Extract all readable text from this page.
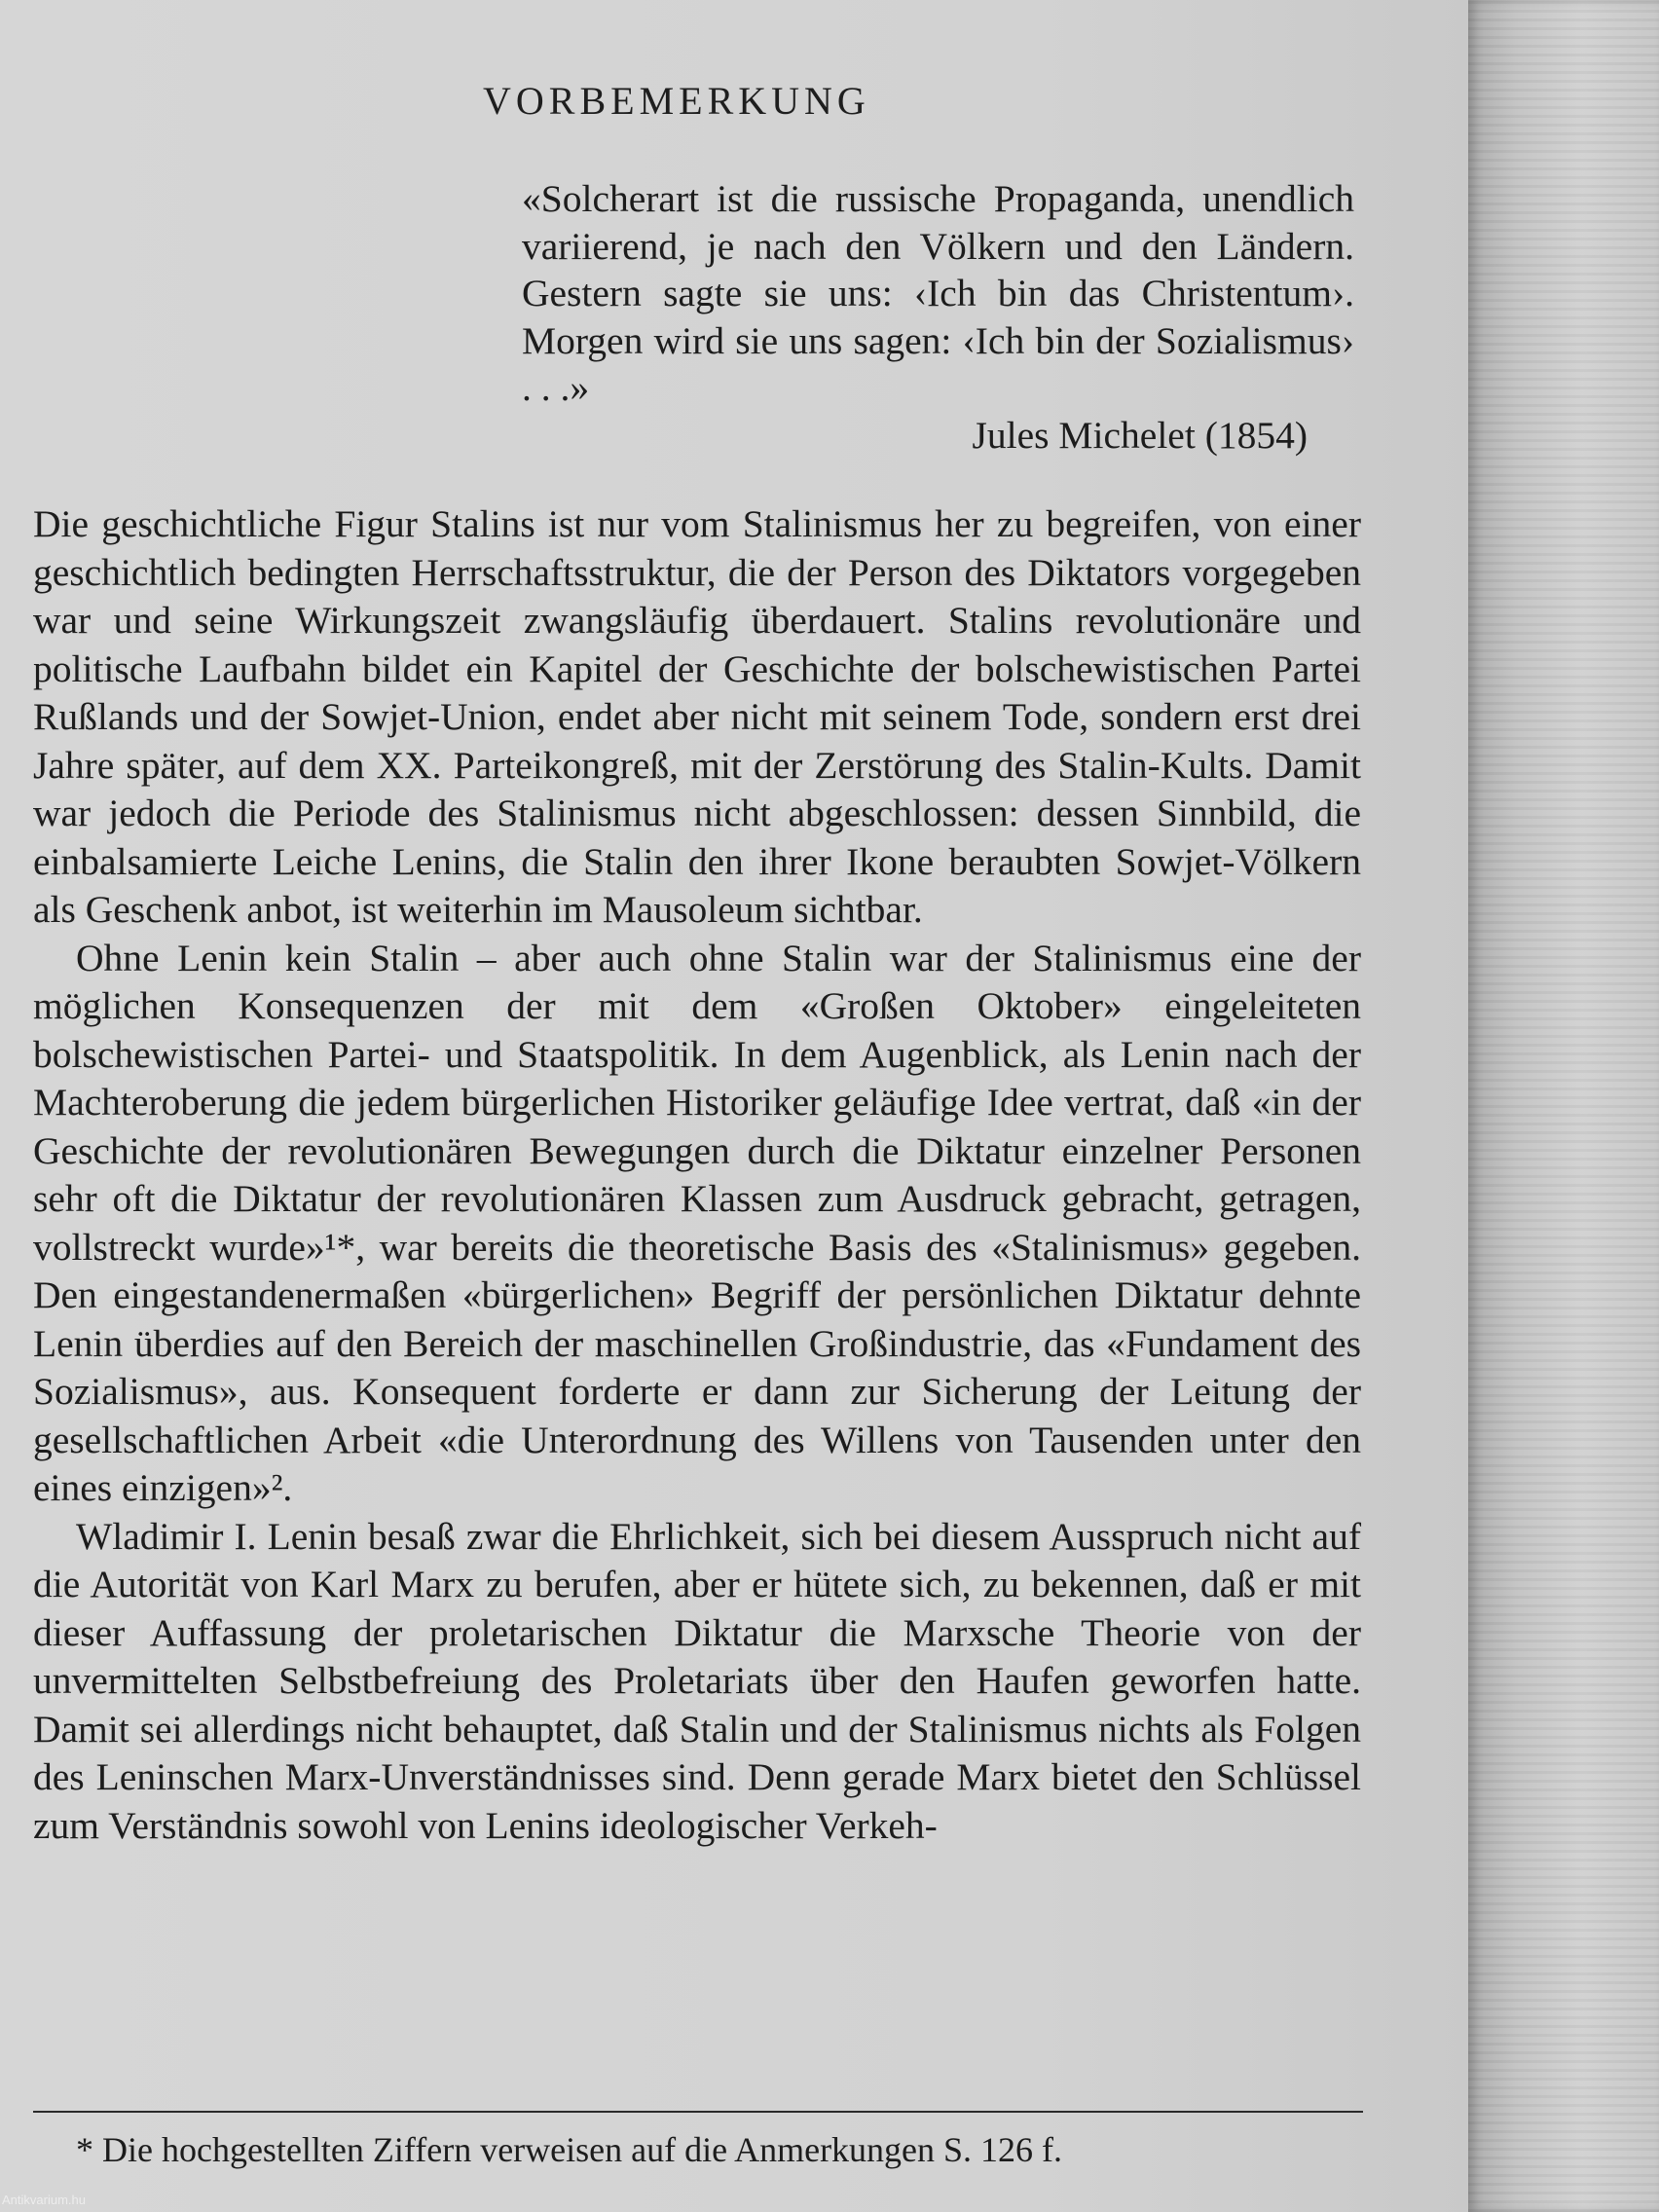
VORBEMERKUNG

«Solcherart ist die russische Propaganda, unendlich variierend, je nach den Völkern und den Ländern. Gestern sagte sie uns: ‹Ich bin das Christentum›. Morgen wird sie uns sagen: ‹Ich bin der Sozialismus› . . .»

Jules Michelet (1854)

Die geschichtliche Figur Stalins ist nur vom Stalinismus her zu begreifen, von einer geschichtlich bedingten Herrschaftsstruktur, die der Person des Diktators vorgegeben war und seine Wirkungszeit zwangsläufig überdauert. Stalins revolutionäre und politische Laufbahn bildet ein Kapitel der Geschichte der bolschewistischen Partei Rußlands und der Sowjet-Union, endet aber nicht mit seinem Tode, sondern erst drei Jahre später, auf dem XX. Parteikongreß, mit der Zerstörung des Stalin-Kults. Damit war jedoch die Periode des Stalinismus nicht abgeschlossen: dessen Sinnbild, die einbalsamierte Leiche Lenins, die Stalin den ihrer Ikone beraubten Sowjet-Völkern als Geschenk anbot, ist weiterhin im Mausoleum sichtbar.

Ohne Lenin kein Stalin – aber auch ohne Stalin war der Stalinismus eine der möglichen Konsequenzen der mit dem «Großen Oktober» eingeleiteten bolschewistischen Partei- und Staatspolitik. In dem Augenblick, als Lenin nach der Machteroberung die jedem bürgerlichen Historiker geläufige Idee vertrat, daß «in der Geschichte der revolutionären Bewegungen durch die Diktatur einzelner Personen sehr oft die Diktatur der revolutionären Klassen zum Ausdruck gebracht, getragen, vollstreckt wurde»¹*, war bereits die theoretische Basis des «Stalinismus» gegeben. Den eingestandenermaßen «bürgerlichen» Begriff der persönlichen Diktatur dehnte Lenin überdies auf den Bereich der maschinellen Großindustrie, das «Fundament des Sozialismus», aus. Konsequent forderte er dann zur Sicherung der Leitung der gesellschaftlichen Arbeit «die Unterordnung des Willens von Tausenden unter den eines einzigen»².

Wladimir I. Lenin besaß zwar die Ehrlichkeit, sich bei diesem Ausspruch nicht auf die Autorität von Karl Marx zu berufen, aber er hütete sich, zu bekennen, daß er mit dieser Auffassung der proletarischen Diktatur die Marxsche Theorie von der unvermittelten Selbstbefreiung des Proletariats über den Haufen geworfen hatte. Damit sei allerdings nicht behauptet, daß Stalin und der Stalinismus nichts als Folgen des Leninschen Marx-Unverständnisses sind. Denn gerade Marx bietet den Schlüssel zum Verständnis sowohl von Lenins ideologischer Verkeh-

* Die hochgestellten Ziffern verweisen auf die Anmerkungen S. 126 f.

Antikvarium.hu
